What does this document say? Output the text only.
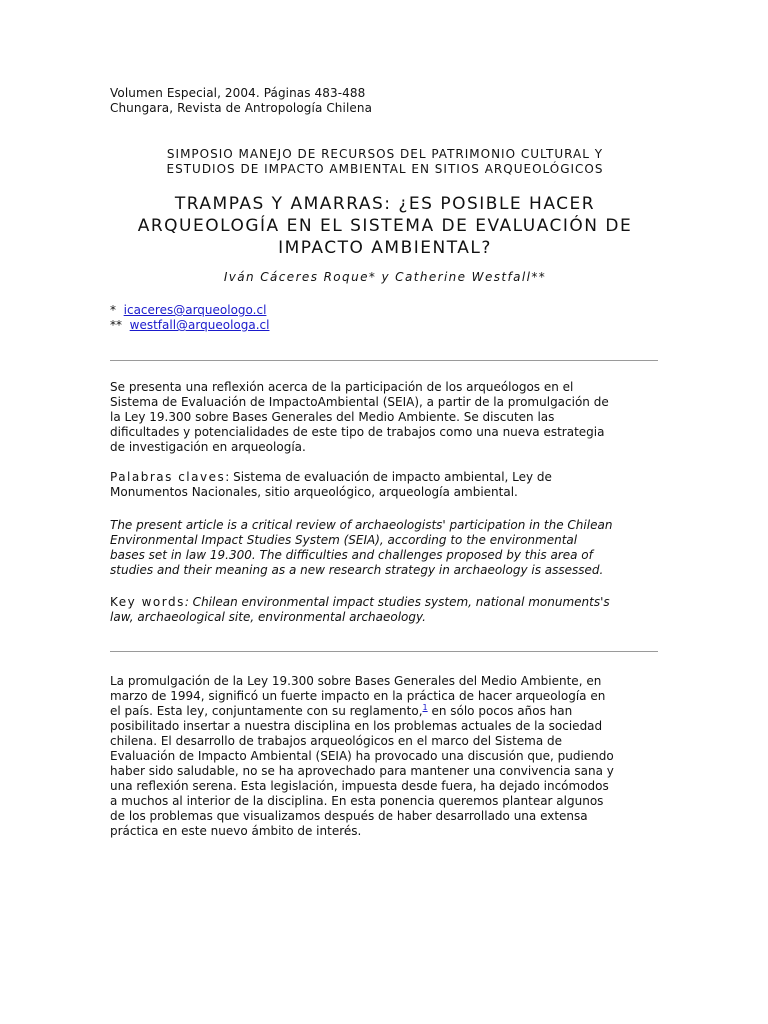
Volumen Especial, 2004. Páginas 483-488
Chungara, Revista de Antropología Chilena
SIMPOSIO MANEJO DE RECURSOS DEL PATRIMONIO CULTURAL Y
ESTUDIOS DE IMPACTO AMBIENTAL EN SITIOS ARQUEOLÓGICOS
TRAMPAS Y AMARRAS: ¿ES POSIBLE HACER
ARQUEOLOGÍA EN EL SISTEMA DE EVALUACIÓN DE
IMPACTO AMBIENTAL?
Iván Cáceres Roque* y Catherine Westfall**
* icaceres@arqueologo.cl
** westfall@arqueologa.cl
Se presenta una reflexión acerca de la participación de los arqueólogos en el
Sistema de Evaluación de ImpactoAmbiental (SEIA), a partir de la promulgación de
la Ley 19.300 sobre Bases Generales del Medio Ambiente. Se discuten las
dificultades y potencialidades de este tipo de trabajos como una nueva estrategia
de investigación en arqueología.
Palabras claves: Sistema de evaluación de impacto ambiental, Ley de
Monumentos Nacionales, sitio arqueológico, arqueología ambiental.
The present article is a critical review of archaeologists' participation in the Chilean
Environmental Impact Studies System (SEIA), according to the environmental
bases set in law 19.300. The difficulties and challenges proposed by this area of
studies and their meaning as a new research strategy in archaeology is assessed.
Key words: Chilean environmental impact studies system, national monuments's
law, archaeological site, environmental archaeology.
La promulgación de la Ley 19.300 sobre Bases Generales del Medio Ambiente, en
marzo de 1994, significó un fuerte impacto en la práctica de hacer arqueología en
el país. Esta ley, conjuntamente con su reglamento,$^1$ en sólo pocos años han
posibilitado insertar a nuestra disciplina en los problemas actuales de la sociedad
chilena. El desarrollo de trabajos arqueológicos en el marco del Sistema de
Evaluación de Impacto Ambiental (SEIA) ha provocado una discusión que, pudiendo
haber sido saludable, no se ha aprovechado para mantener una convivencia sana y
una reflexión serena. Esta legislación, impuesta desde fuera, ha dejado incómodos
a muchos al interior de la disciplina. En esta ponencia queremos plantear algunos
de los problemas que visualizamos después de haber desarrollado una extensa
práctica en este nuevo ámbito de interés.
